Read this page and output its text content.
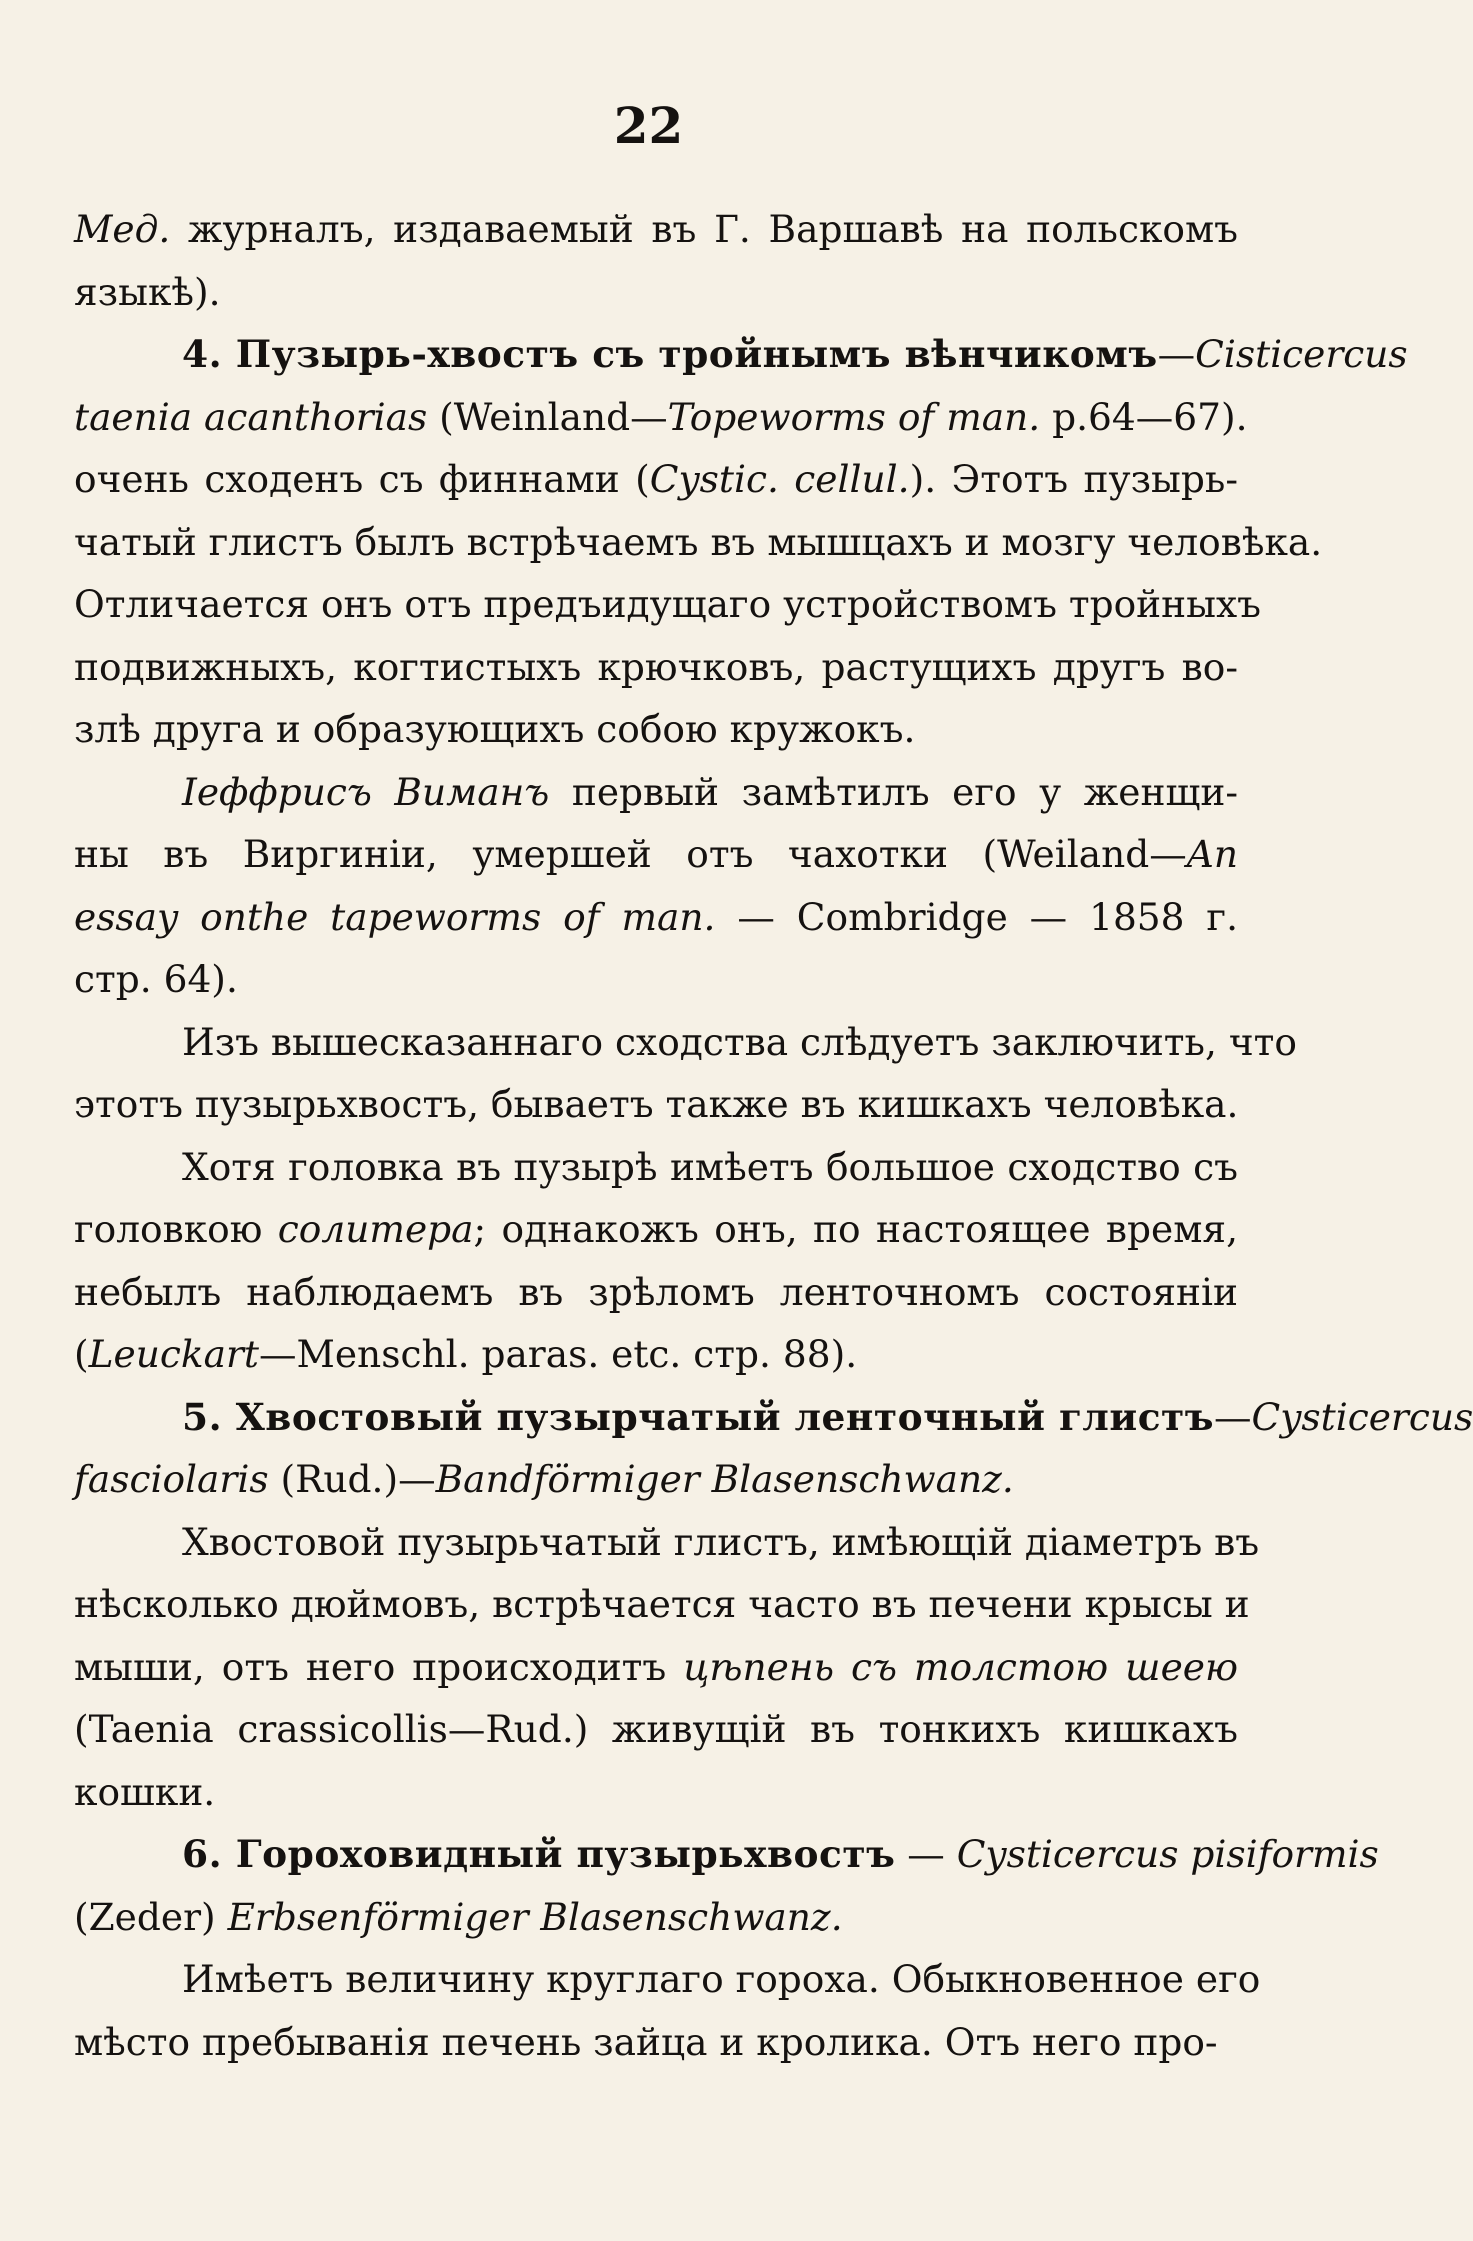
22
Мед. журналъ, издаваемый въ Г. Варшавѣ на польскомъ
языкѣ).
4. Пузырь-хвостъ съ тройнымъ вѣнчикомъ—Cisticercus
taenia acanthorias (Weinland—Topeworms of man. p.64—67).
очень сходенъ съ финнами (Cystic. cellul.). Этотъ пузырь-
чатый глистъ былъ встрѣчаемъ въ мышцахъ и мозгу человѣка.
Отличается онъ отъ предъидущаго устройствомъ тройныхъ
подвижныхъ, когтистыхъ крючковъ, растущихъ другъ во-
злѣ друга и образующихъ собою кружокъ.
Іеффрисъ Виманъ первый замѣтилъ его у женщи-
ны въ Виргиніи, умершей отъ чахотки (Weiland—An
essay onthe tapeworms of man. — Combridge — 1858 г.
стр. 64).
Изъ вышесказаннаго сходства слѣдуетъ заключить, что
этотъ пузырьхвостъ, бываетъ также въ кишкахъ человѣка.
Хотя головка въ пузырѣ имѣетъ большое сходство съ
головкою солитера; однакожъ онъ, по настоящее время,
небылъ наблюдаемъ въ зрѣломъ ленточномъ состояніи
(Leuckart—Menschl. paras. etc. стр. 88).
5. Хвостовый пузырчатый ленточный глистъ—Cysticercus
fasciolaris (Rud.)—Bandförmiger Blasenschwanz.
Хвостовой пузырьчатый глистъ, имѣющій діаметръ въ
нѣсколько дюймовъ, встрѣчается часто въ печени крысы и
мыши, отъ него происходитъ цѣпень съ толстою шеею
(Taenia crassicollis—Rud.) живущій въ тонкихъ кишкахъ
кошки.
6. Гороховидный пузырьхвостъ — Cysticercus pisiformis
(Zeder) Erbsenförmiger Blasenschwanz.
Имѣетъ величину круглаго гороха. Обыкновенное его
мѣсто пребыванія печень зайца и кролика. Отъ него про-
